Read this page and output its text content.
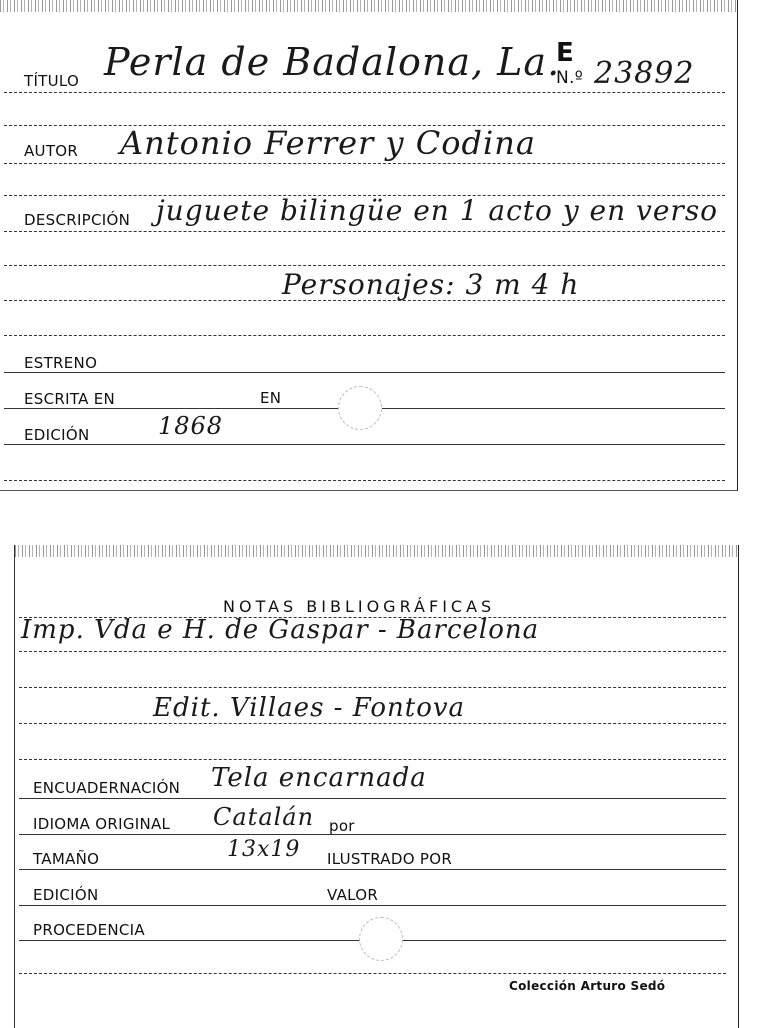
TÍTULO Perla de Badalona, La.
E
N.º 23892
AUTOR Antonio Ferrer y Codina
DESCRIPCIÓN juguete bilingüe en 1 acto y en verso
Personajes: 3 m 4 h
ESTRENO
ESCRITA EN	EN
EDICIÓN	1868
NOTAS BIBLIOGRÁFICAS
Imp. Vda e H. de Gaspar - Barcelona
Edit. Villaes - Fontova
ENCUADERNACIÓN Tela encarnada
IDIOMA ORIGINAL Catalán por
TAMAÑO	13x19 ILUSTRADO POR
EDICIÓN	VALOR
PROCEDENCIA
Colección Arturo Sedó
